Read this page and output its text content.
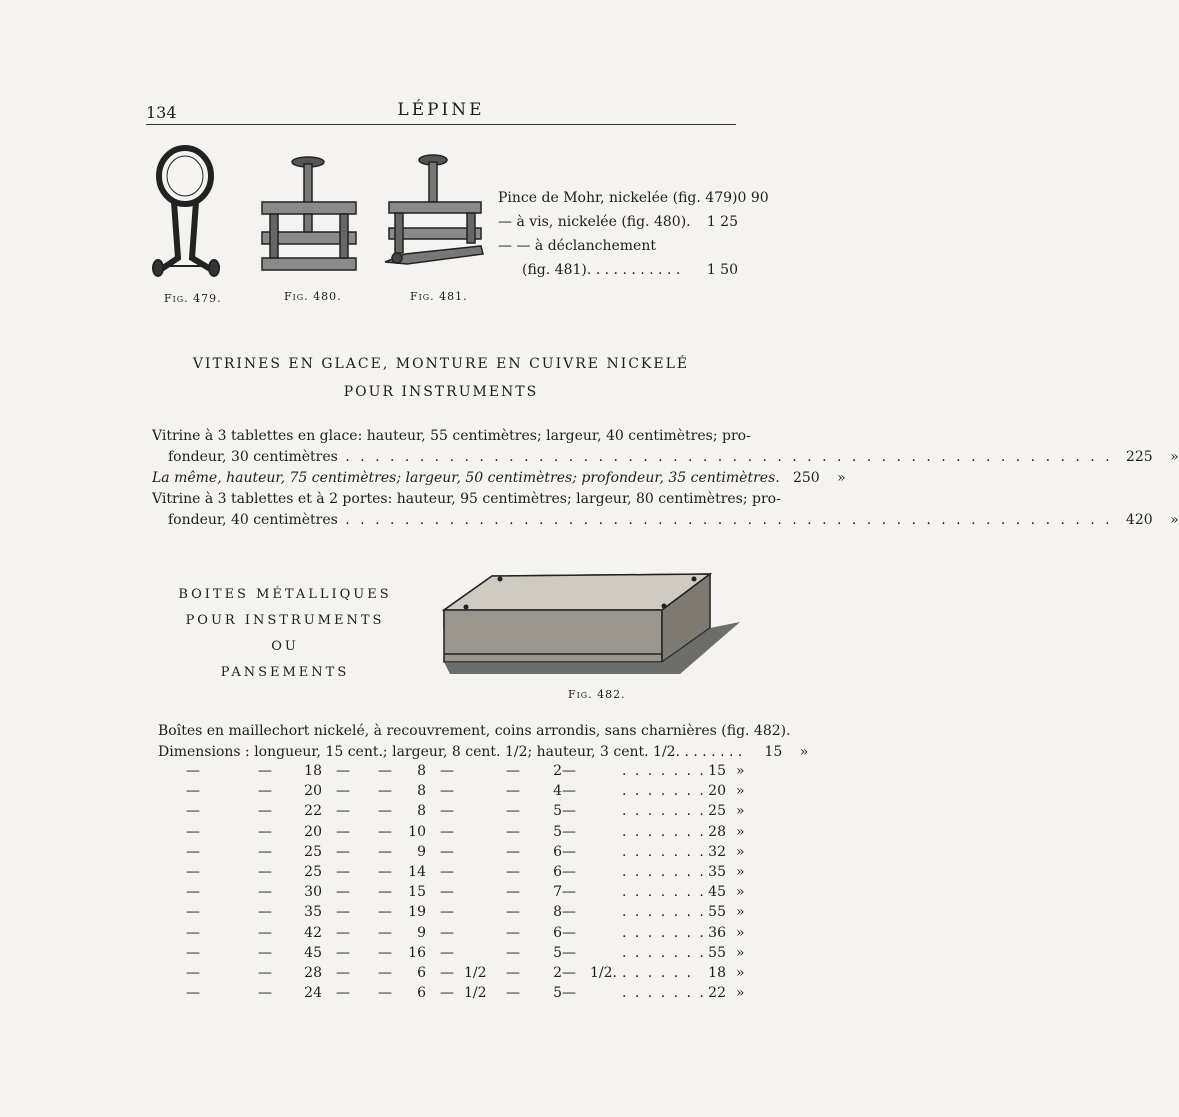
134	LÉPINE
Fig. 479.	Fig. 480.	Fig. 481.
Pince de Mohr, nickelée (fig. 479) 0 90
— à vis, nickelée (fig. 480).	1 25
— — à déclanchement
(fig. 481). . . . . . . . . . .	1 50
VITRINES EN GLACE, MONTURE EN CUIVRE NICKELÉ
POUR INSTRUMENTS
Vitrine à 3 tablettes en glace: hauteur, 55 centimètres; largeur, 40 centimètres; pro-
fondeur, 30 centimètres . . . . . . . . . . . . . . . . . . . . . . . . . . . . . . . . . . . . . . . . . . . . . . . . . . . . 225	»
La même, hauteur, 75 centimètres; largeur, 50 centimètres; profondeur, 35 centimètres. 250	»
Vitrine à 3 tablettes et à 2 portes: hauteur, 95 centimètres; largeur, 80 centimètres; pro-
fondeur, 40 centimètres . . . . . . . . . . . . . . . . . . . . . . . . . . . . . . . . . . . . . . . . . . . . . . . . . . . . 420	»
BOITES MÉTALLIQUES
POUR INSTRUMENTS
OU
PANSEMENTS
Fig. 482.
Boîtes en maillechort nickelé, à recouvrement, coins arrondis, sans charnières (fig. 482).
Dimensions : longueur, 15 cent.; largeur, 8 cent. 1/2; hauteur, 3 cent. 1/2. . . . . . . .	15	»
—	—	18 — —	8 —	—	2 —	. . . . . . . 15 »
—	—	20 — —	8 —	—	4 —	. . . . . . . 20 »
—	—	22 — —	8 —	—	5 —	. . . . . . . 25 »
—	—	20 — —	10 —	—	5 —	. . . . . . . 28 »
—	—	25 — —	9 —	—	6 —	. . . . . . . 32 »
—	—	25 — —	14 —	—	6 —	. . . . . . . 35 »
—	—	30 — —	15 —	—	7 —	. . . . . . . 45 »
—	—	35 — —	19 —	—	8 —	. . . . . . . 55 »
—	—	42 — —	9 —	—	6 —	. . . . . . . 36 »
—	—	45 — —	16 —	—	5 —	. . . . . . . 55 »
—	—	28 — —	6 — 1/2 —	2 — 1/2. . . . . . .	18 »
—	—	24 — —	6 — 1/2 —	5 —	. . . . . . . 22 »
